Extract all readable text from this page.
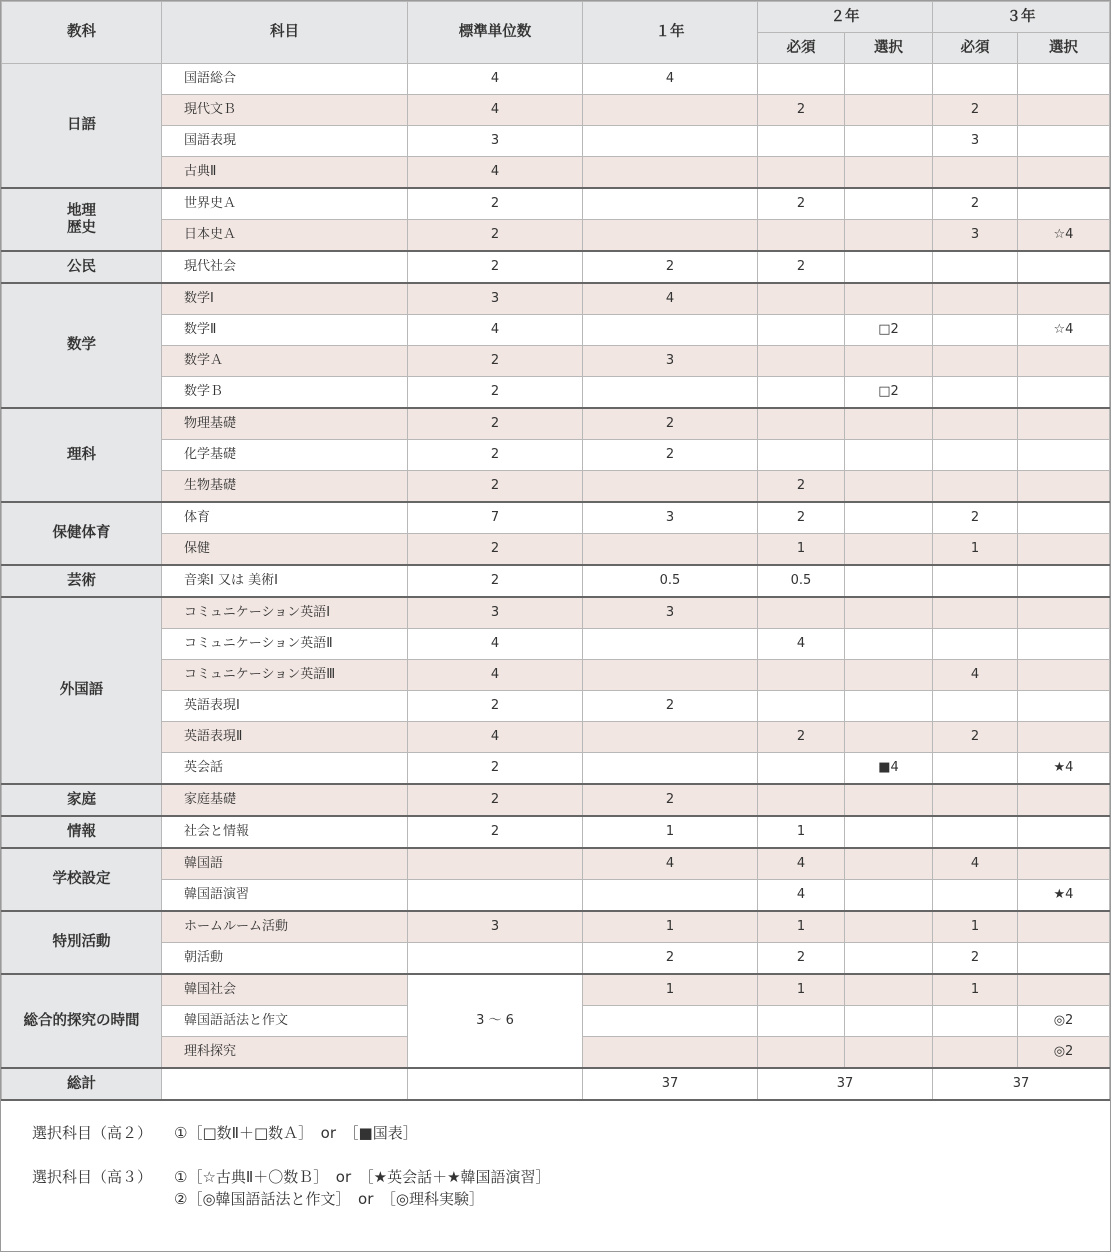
教科	科目	標準単位数	１年	２年		３年	
				必須	選択	必須	選択
日語	国語総合	4	4				
	現代文Ｂ	4		2		2	
	国語表現	3				3	
	古典Ⅱ	4					
地理
歴史	世界史Ａ	2		2		2	
	日本史Ａ	2				3	☆4
公民	現代社会	2	2	2			
数学	数学Ⅰ	3	4				
	数学Ⅱ	4			□2		☆4
	数学Ａ	2	3				
	数学Ｂ	2			□2		
理科	物理基礎	2	2				
	化学基礎	2	2				
	生物基礎	2		2			
保健体育	体育	7	3	2		2	
	保健	2		1		1	
芸術	音楽Ⅰ 又は 美術Ⅰ	2	0.5	0.5			
外国語	コミュニケーション英語Ⅰ	3	3				
	コミュニケーション英語Ⅱ	4		4			
	コミュニケーション英語Ⅲ	4				4	
	英語表現Ⅰ	2	2				
	英語表現Ⅱ	4		2		2	
	英会話	2			■4		★4
家庭	家庭基礎	2	2				
情報	社会と情報	2	1	1			
学校設定	韓国語		4	4		4	
	韓国語演習			4			★4
特別活動	ホームルーム活動	3	1	1		1	
	朝活動		2	2		2	
総合的探究の時間	韓国社会	3 ～ 6	1	1		1	
	韓国語話法と作文						◎2
	理科探究						◎2
総計			37	37		37	
選択科目（高２）	①［□数Ⅱ＋□数Ａ］　or　［■国表］
選択科目（高３）	①［☆古典Ⅱ＋〇数Ｂ］　or　［★英会話＋★韓国語演習］
②［◎韓国語話法と作文］　or　［◎理科実験］
